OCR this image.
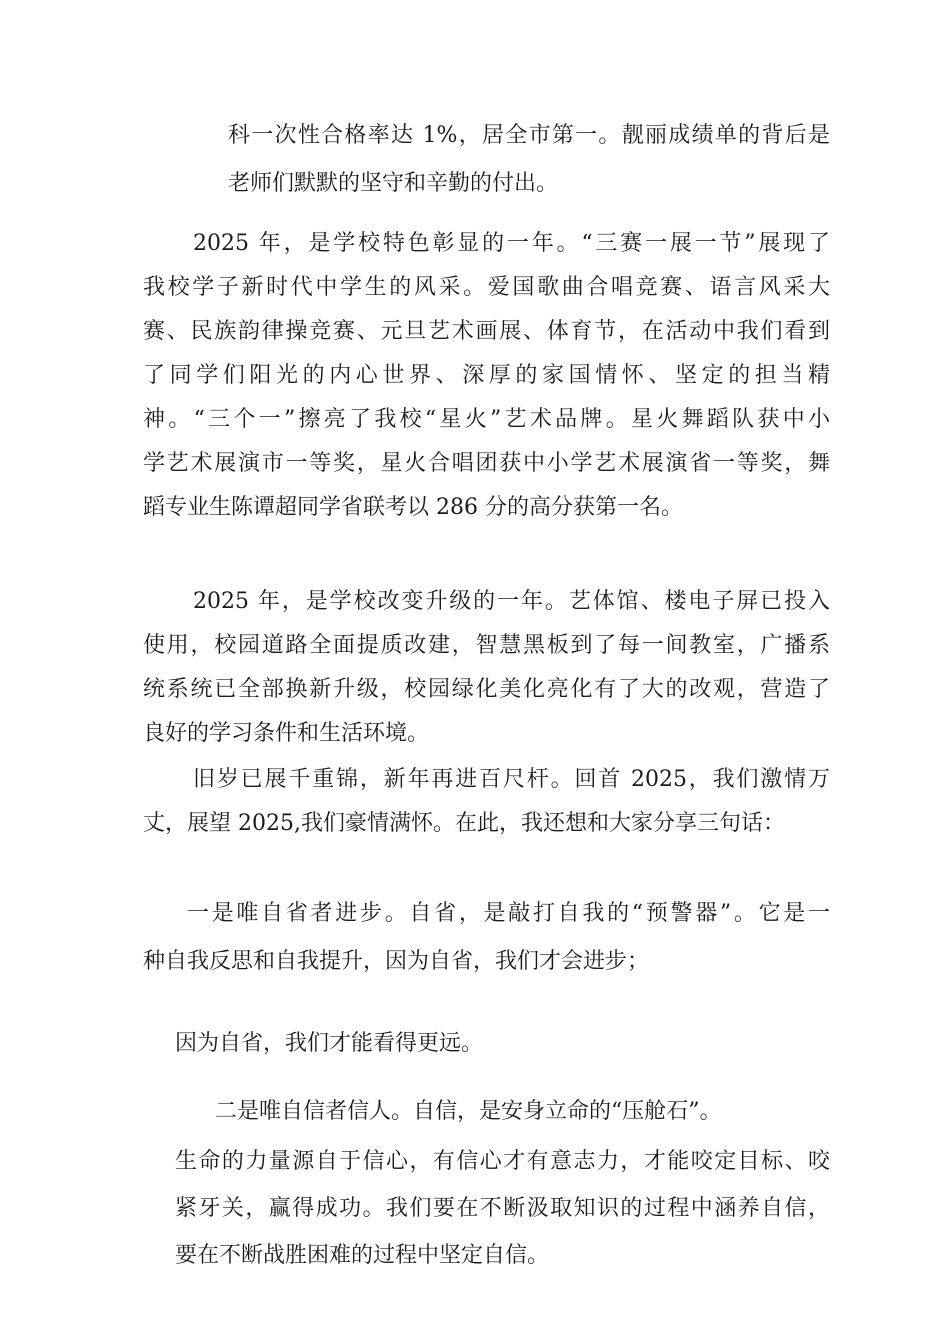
科一次性合格率达 1%，居全市第一。靓丽成绩单的背后是
老师们默默的坚守和辛勤的付出。
2025 年，是学校特色彰显的一年。“三赛一展一节”展现了
我校学子新时代中学生的风采。爱国歌曲合唱竞赛、语言风采大
赛、民族韵律操竞赛、元旦艺术画展、体育节，在活动中我们看到
了同学们阳光的内心世界、深厚的家国情怀、坚定的担当精
神。“三个一”擦亮了我校“星火”艺术品牌。星火舞蹈队获中小
学艺术展演市一等奖，星火合唱团获中小学艺术展演省一等奖，舞
蹈专业生陈谭超同学省联考以 286 分的高分获第一名。
2025 年，是学校改变升级的一年。艺体馆、楼电子屏已投入
使用，校园道路全面提质改建，智慧黑板到了每一间教室，广播系
统系统已全部换新升级，校园绿化美化亮化有了大的改观，营造了
良好的学习条件和生活环境。
旧岁已展千重锦，新年再进百尺杆。回首 2025，我们激情万
丈，展望 2025,我们豪情满怀。在此，我还想和大家分享三句话：
一是唯自省者进步。自省，是敲打自我的“预警器”。它是一
种自我反思和自我提升，因为自省，我们才会进步；
因为自省，我们才能看得更远。
二是唯自信者信人。自信，是安身立命的“压舱石”。
生命的力量源自于信心，有信心才有意志力，才能咬定目标、咬
紧牙关，赢得成功。我们要在不断汲取知识的过程中涵养自信，
要在不断战胜困难的过程中坚定自信。
